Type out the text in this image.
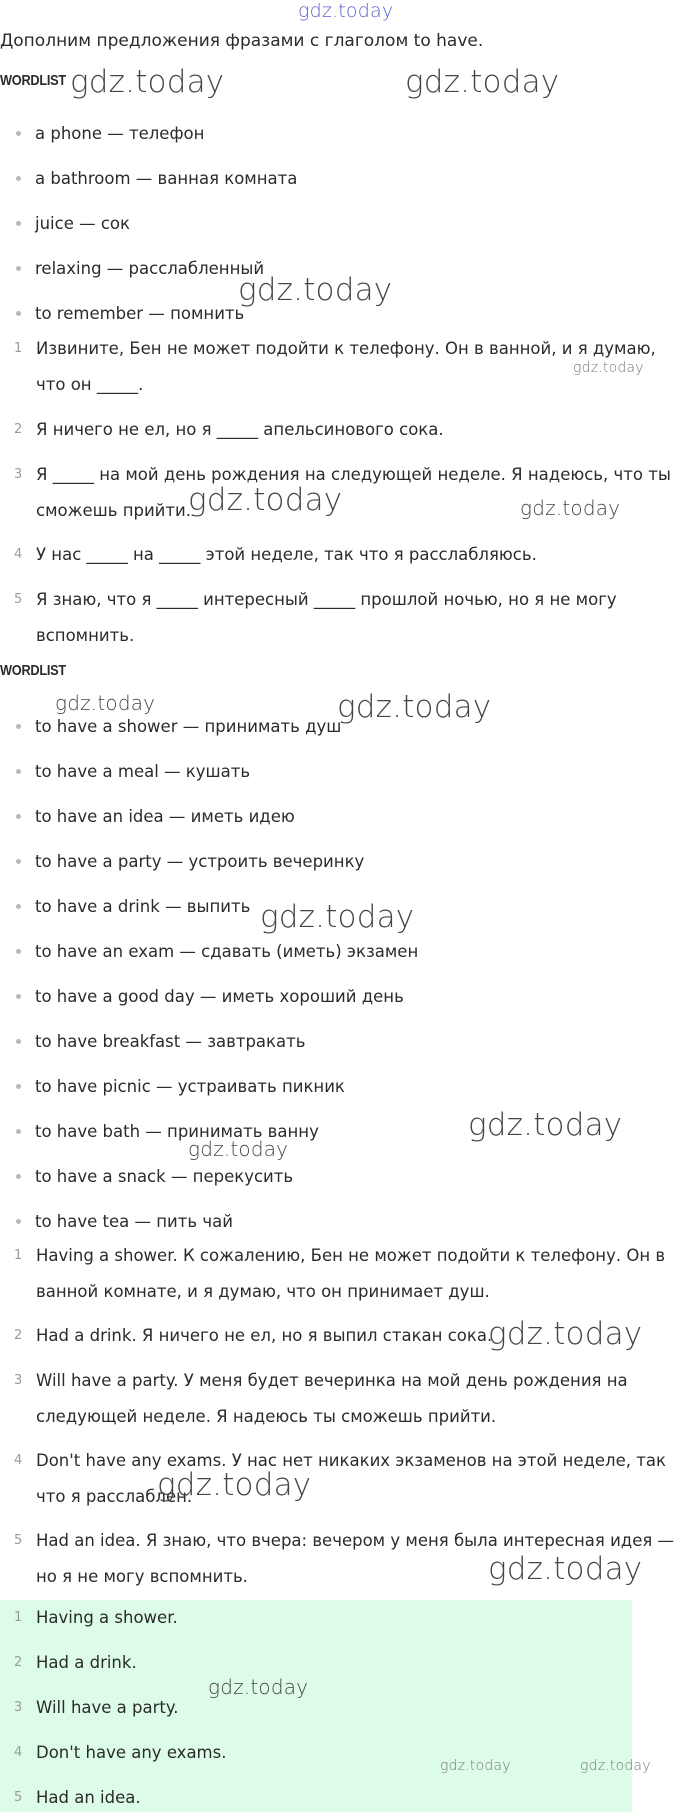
gdz.today
Дополним предложения фразами с глаголом to have.
WORDLIST
a phone — телефон
a bathroom — ванная комната
juice — сок
relaxing — расслабленный
to remember — помнить
1 Извините, Бен не может подойти к телефону. Он в ванной, и я думаю, что он _____.
2 Я ничего не ел, но я _____ апельсинового сока.
3 Я _____ на мой день рождения на следующей неделе. Я надеюсь, что ты сможешь прийти.
4 У нас _____ на _____ этой неделе, так что я расслабляюсь.
5 Я знаю, что я _____ интересный _____ прошлой ночью, но я не могу вспомнить.
WORDLIST
to have a shower — принимать душ
to have a meal — кушать
to have an idea — иметь идею
to have a party — устроить вечеринку
to have a drink — выпить
to have an exam — сдавать (иметь) экзамен
to have a good day — иметь хороший день
to have breakfast — завтракать
to have picnic — устраивать пикник
to have bath — принимать ванну
to have a snack — перекусить
to have tea — пить чай
1 Having a shower. К сожалению, Бен не может подойти к телефону. Он в ванной комнате, и я думаю, что он принимает душ.
2 Had a drink. Я ничего не ел, но я выпил стакан сока.
3 Will have a party. У меня будет вечеринка на мой день рождения на следующей неделе. Я надеюсь ты сможешь прийти.
4 Don't have any exams. У нас нет никаких экзаменов на этой неделе, так что я расслаблен.
5 Had an idea. Я знаю, что вчера: вечером у меня была интересная идея — но я не могу вспомнить.
1 Having a shower.
2 Had a drink.
3 Will have a party.
4 Don't have any exams.
5 Had an idea.
gdz.today	gdz.today
gdz.today
gdz.today
gdz.today	gdz.today
gdz.today	gdz.today
gdz.today
gdz.today
gdz.today
gdz.today
gdz.today
gdz.today
gdz.today
gdz.today	gdz.today
